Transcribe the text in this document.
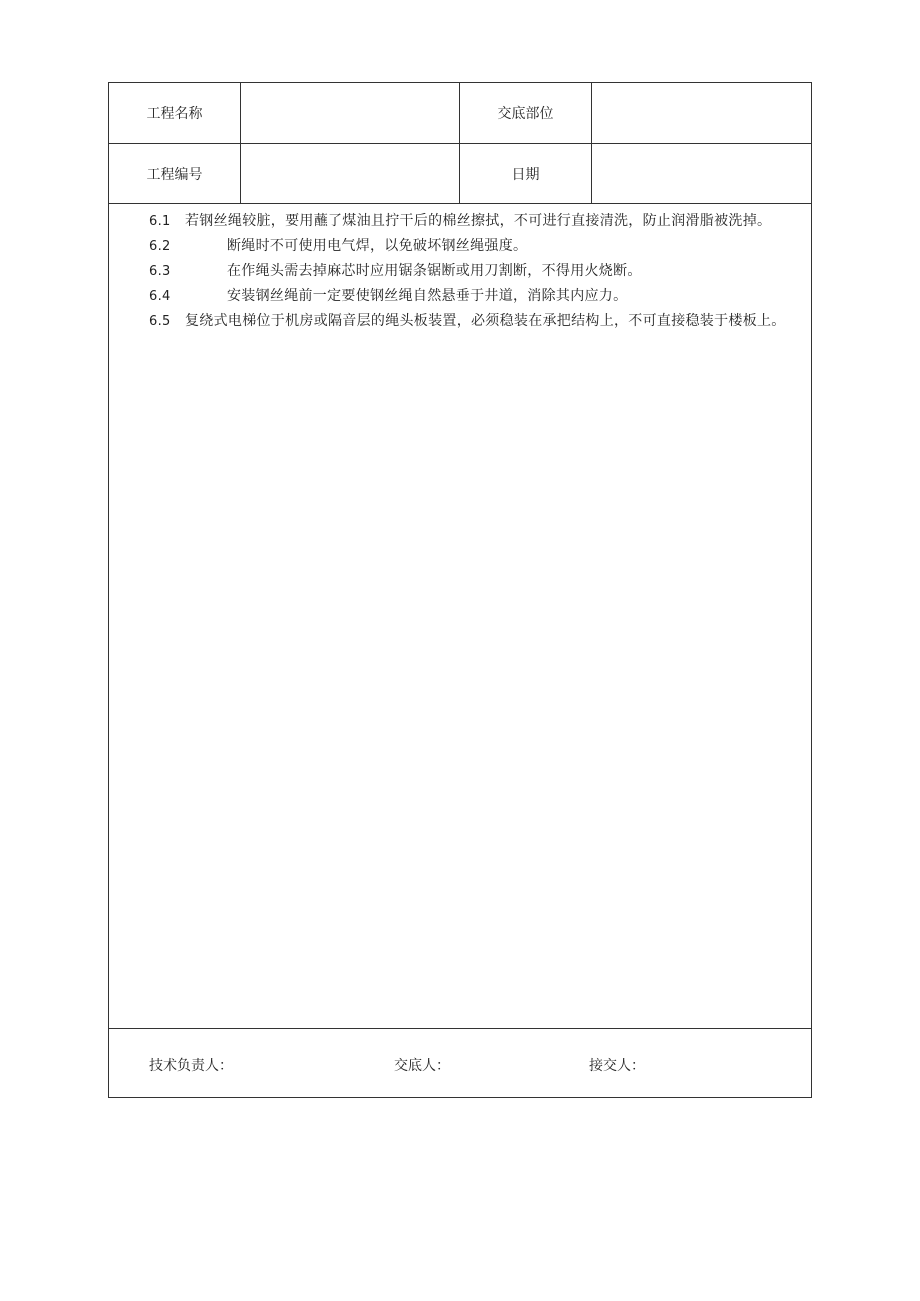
工程名称	交底部位
工程编号	日期

6.1 若钢丝绳较脏，要用蘸了煤油且拧干后的棉丝擦拭，不可进行直接清洗，防止润滑脂被洗掉。

6.2	断绳时不可使用电气焊，以免破坏钢丝绳强度。

6.3	在作绳头需去掉麻芯时应用锯条锯断或用刀割断，不得用火烧断。

6.4	安装钢丝绳前一定要使钢丝绳自然悬垂于井道，消除其内应力。

6.5 复绕式电梯位于机房或隔音层的绳头板装置，必须稳装在承把结构上，不可直接稳装于楼板上。

技术负责人：	交底人：	接交人：
